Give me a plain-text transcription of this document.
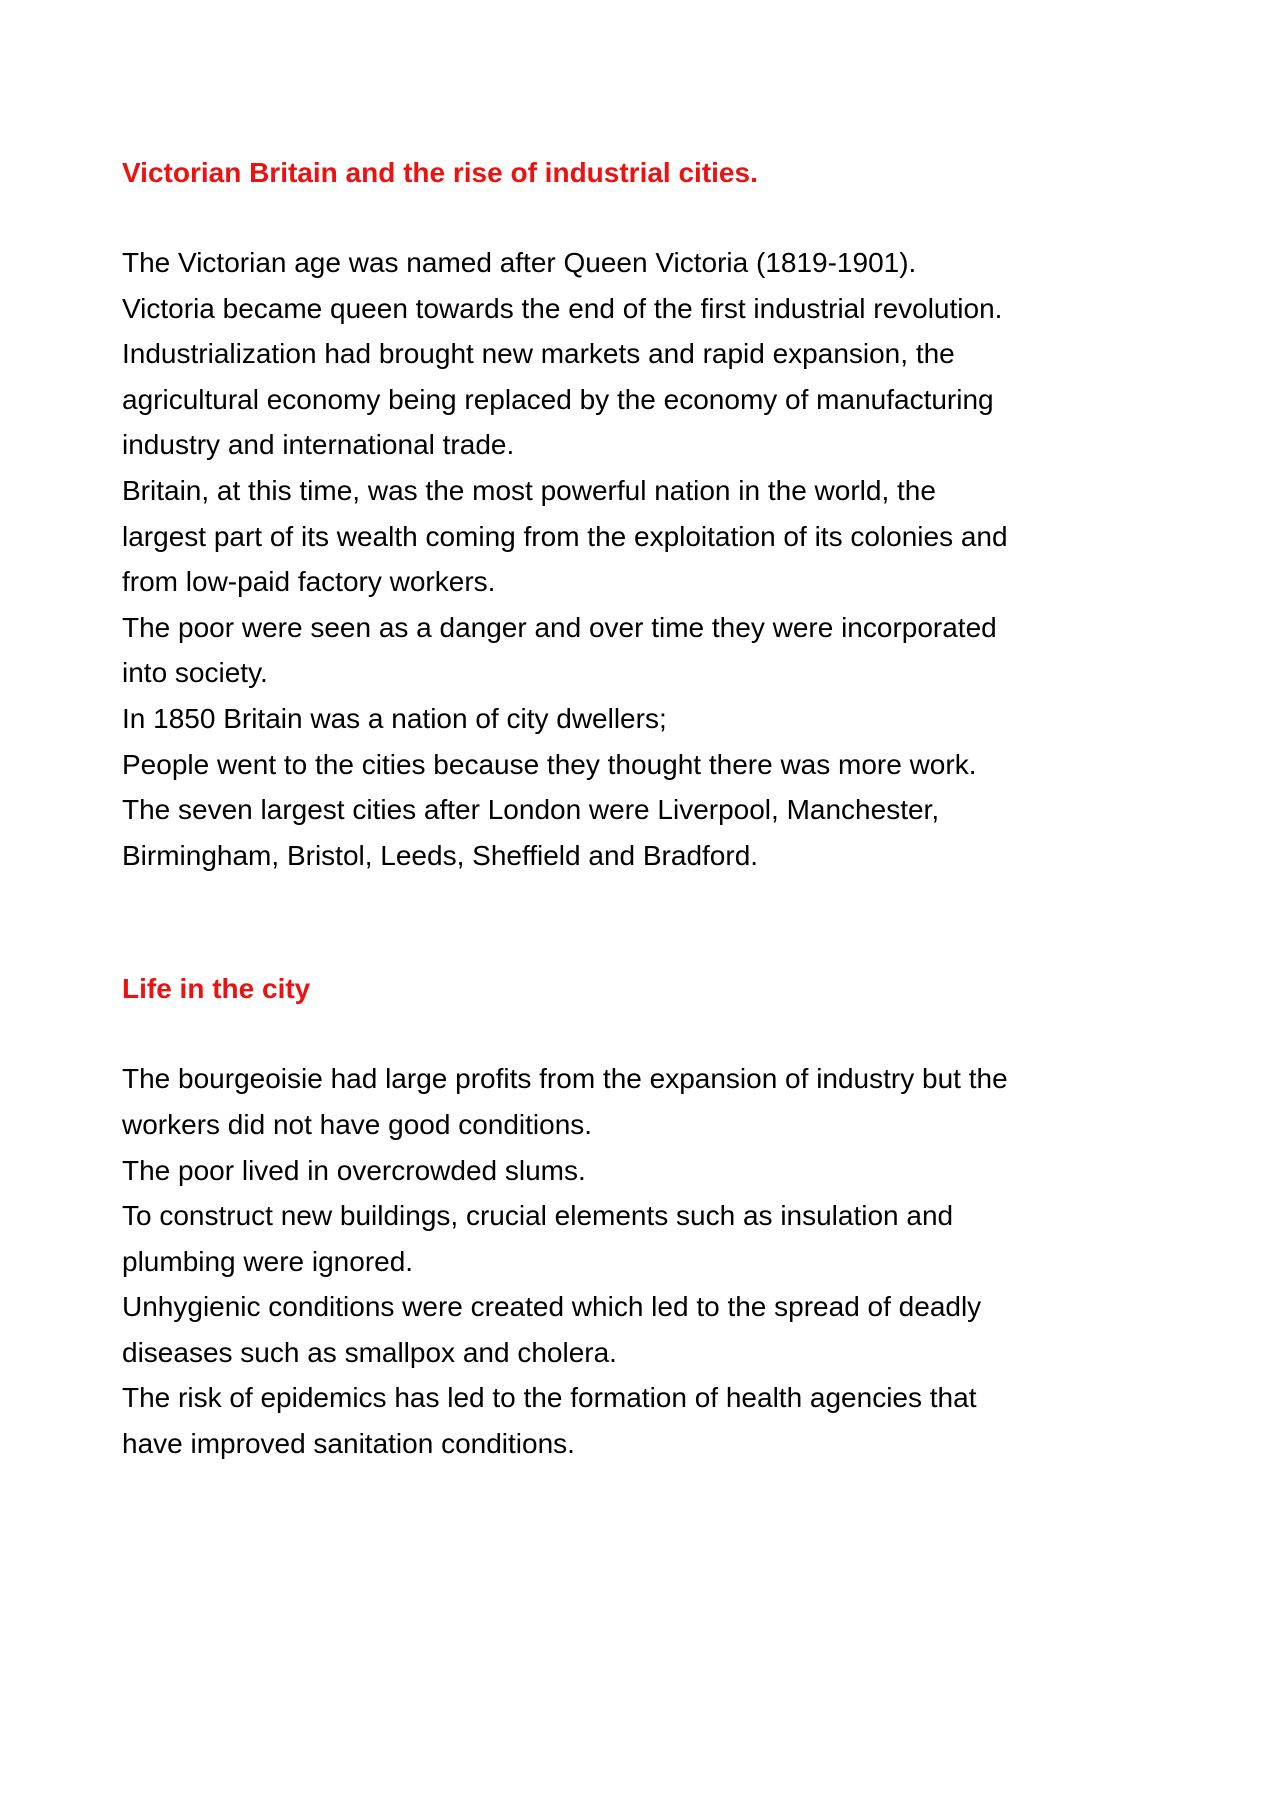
Victorian Britain and the rise of industrial cities.
The Victorian age was named after Queen Victoria (1819-1901).
Victoria became queen towards the end of the first industrial revolution.
Industrialization had brought new markets and rapid expansion, the
agricultural economy being replaced by the economy of manufacturing
industry and international trade.
Britain, at this time, was the most powerful nation in the world, the
largest part of its wealth coming from the exploitation of its colonies and
from low-paid factory workers.
The poor were seen as a danger and over time they were incorporated
into society.
In 1850 Britain was a nation of city dwellers;
People went to the cities because they thought there was more work.
The seven largest cities after London were Liverpool, Manchester,
Birmingham, Bristol, Leeds, Sheffield and Bradford.
Life in the city
The bourgeoisie had large profits from the expansion of industry but the
workers did not have good conditions.
The poor lived in overcrowded slums.
To construct new buildings, crucial elements such as insulation and
plumbing were ignored.
Unhygienic conditions were created which led to the spread of deadly
diseases such as smallpox and cholera.
The risk of epidemics has led to the formation of health agencies that
have improved sanitation conditions.
